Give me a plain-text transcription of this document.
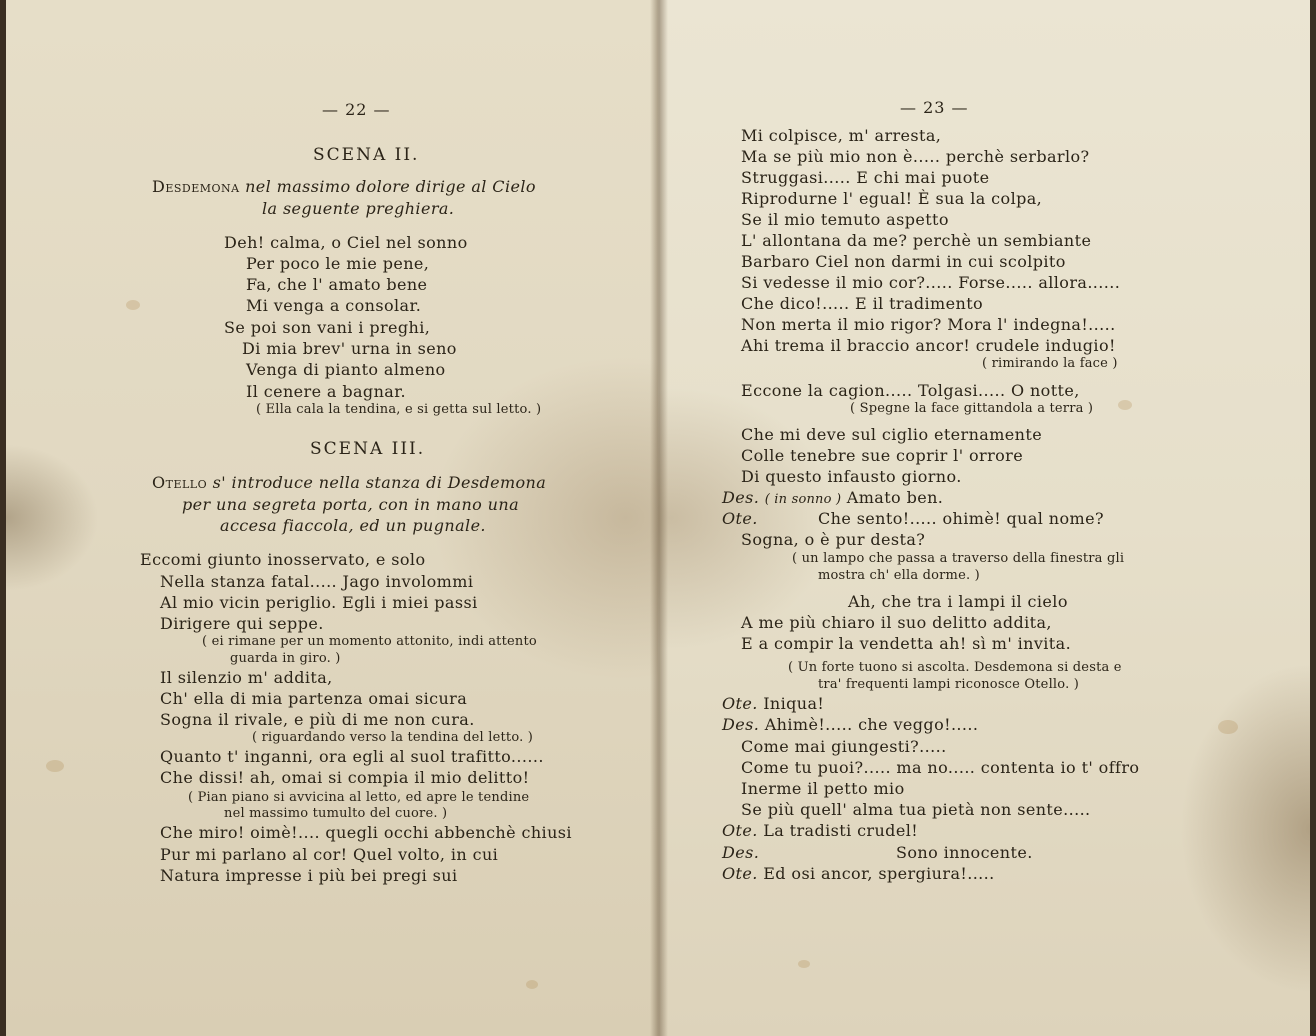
— 22 —
SCENA II.
Desdemona nel massimo dolore dirige al Cielo
la seguente preghiera.
Deh! calma, o Ciel nel sonno
Per poco le mie pene,
Fa, che l' amato bene
Mi venga a consolar.
Se poi son vani i preghi,
Di mia brev' urna in seno
Venga di pianto almeno
Il cenere a bagnar.
( Ella cala la tendina, e si getta sul letto. )
SCENA III.
Otello s' introduce nella stanza di Desdemona
per una segreta porta, con in mano una
accesa fiaccola, ed un pugnale.
Eccomi giunto inosservato, e solo
Nella stanza fatal..... Jago involommi
Al mio vicin periglio. Egli i miei passi
Dirigere qui seppe.
( ei rimane per un momento attonito, indi attento
guarda in giro. )
Il silenzio m' addita,
Ch' ella di mia partenza omai sicura
Sogna il rivale, e più di me non cura.
( riguardando verso la tendina del letto. )
Quanto t' inganni, ora egli al suol trafitto......
Che dissi! ah, omai si compia il mio delitto!
( Pian piano si avvicina al letto, ed apre le tendine
nel massimo tumulto del cuore. )
Che miro! oimè!.... quegli occhi abbenchè chiusi
Pur mi parlano al cor! Quel volto, in cui
Natura impresse i più bei pregi sui
— 23 —
Mi colpisce, m' arresta,
Ma se più mio non è..... perchè serbarlo?
Struggasi..... E chi mai puote
Riprodurne l' egual! È sua la colpa,
Se il mio temuto aspetto
L' allontana da me? perchè un sembiante
Barbaro Ciel non darmi in cui scolpito
Si vedesse il mio cor?..... Forse..... allora......
Che dico!..... E il tradimento
Non merta il mio rigor? Mora l' indegna!.....
Ahi trema il braccio ancor! crudele indugio!
( rimirando la face )
Eccone la cagion..... Tolgasi..... O notte,
( Spegne la face gittandola a terra )
Che mi deve sul ciglio eternamente
Colle tenebre sue coprir l' orrore
Di questo infausto giorno.
Des. ( in sonno ) Amato ben.
Ote.	Che sento!..... ohimè! qual nome?
Sogna, o è pur desta?
( un lampo che passa a traverso della finestra gli
mostra ch' ella dorme. )
Ah, che tra i lampi il cielo
A me più chiaro il suo delitto addita,
E a compir la vendetta ah! sì m' invita.
( Un forte tuono si ascolta. Desdemona si desta e
tra' frequenti lampi riconosce Otello. )
Ote. Iniqua!
Des. Ahimè!..... che veggo!.....
Come mai giungesti?.....
Come tu puoi?..... ma no..... contenta io t' offro
Inerme il petto mio
Se più quell' alma tua pietà non sente.....
Ote. La tradisti crudel!
Des.	Sono innocente.
Ote. Ed osi ancor, spergiura!.....
